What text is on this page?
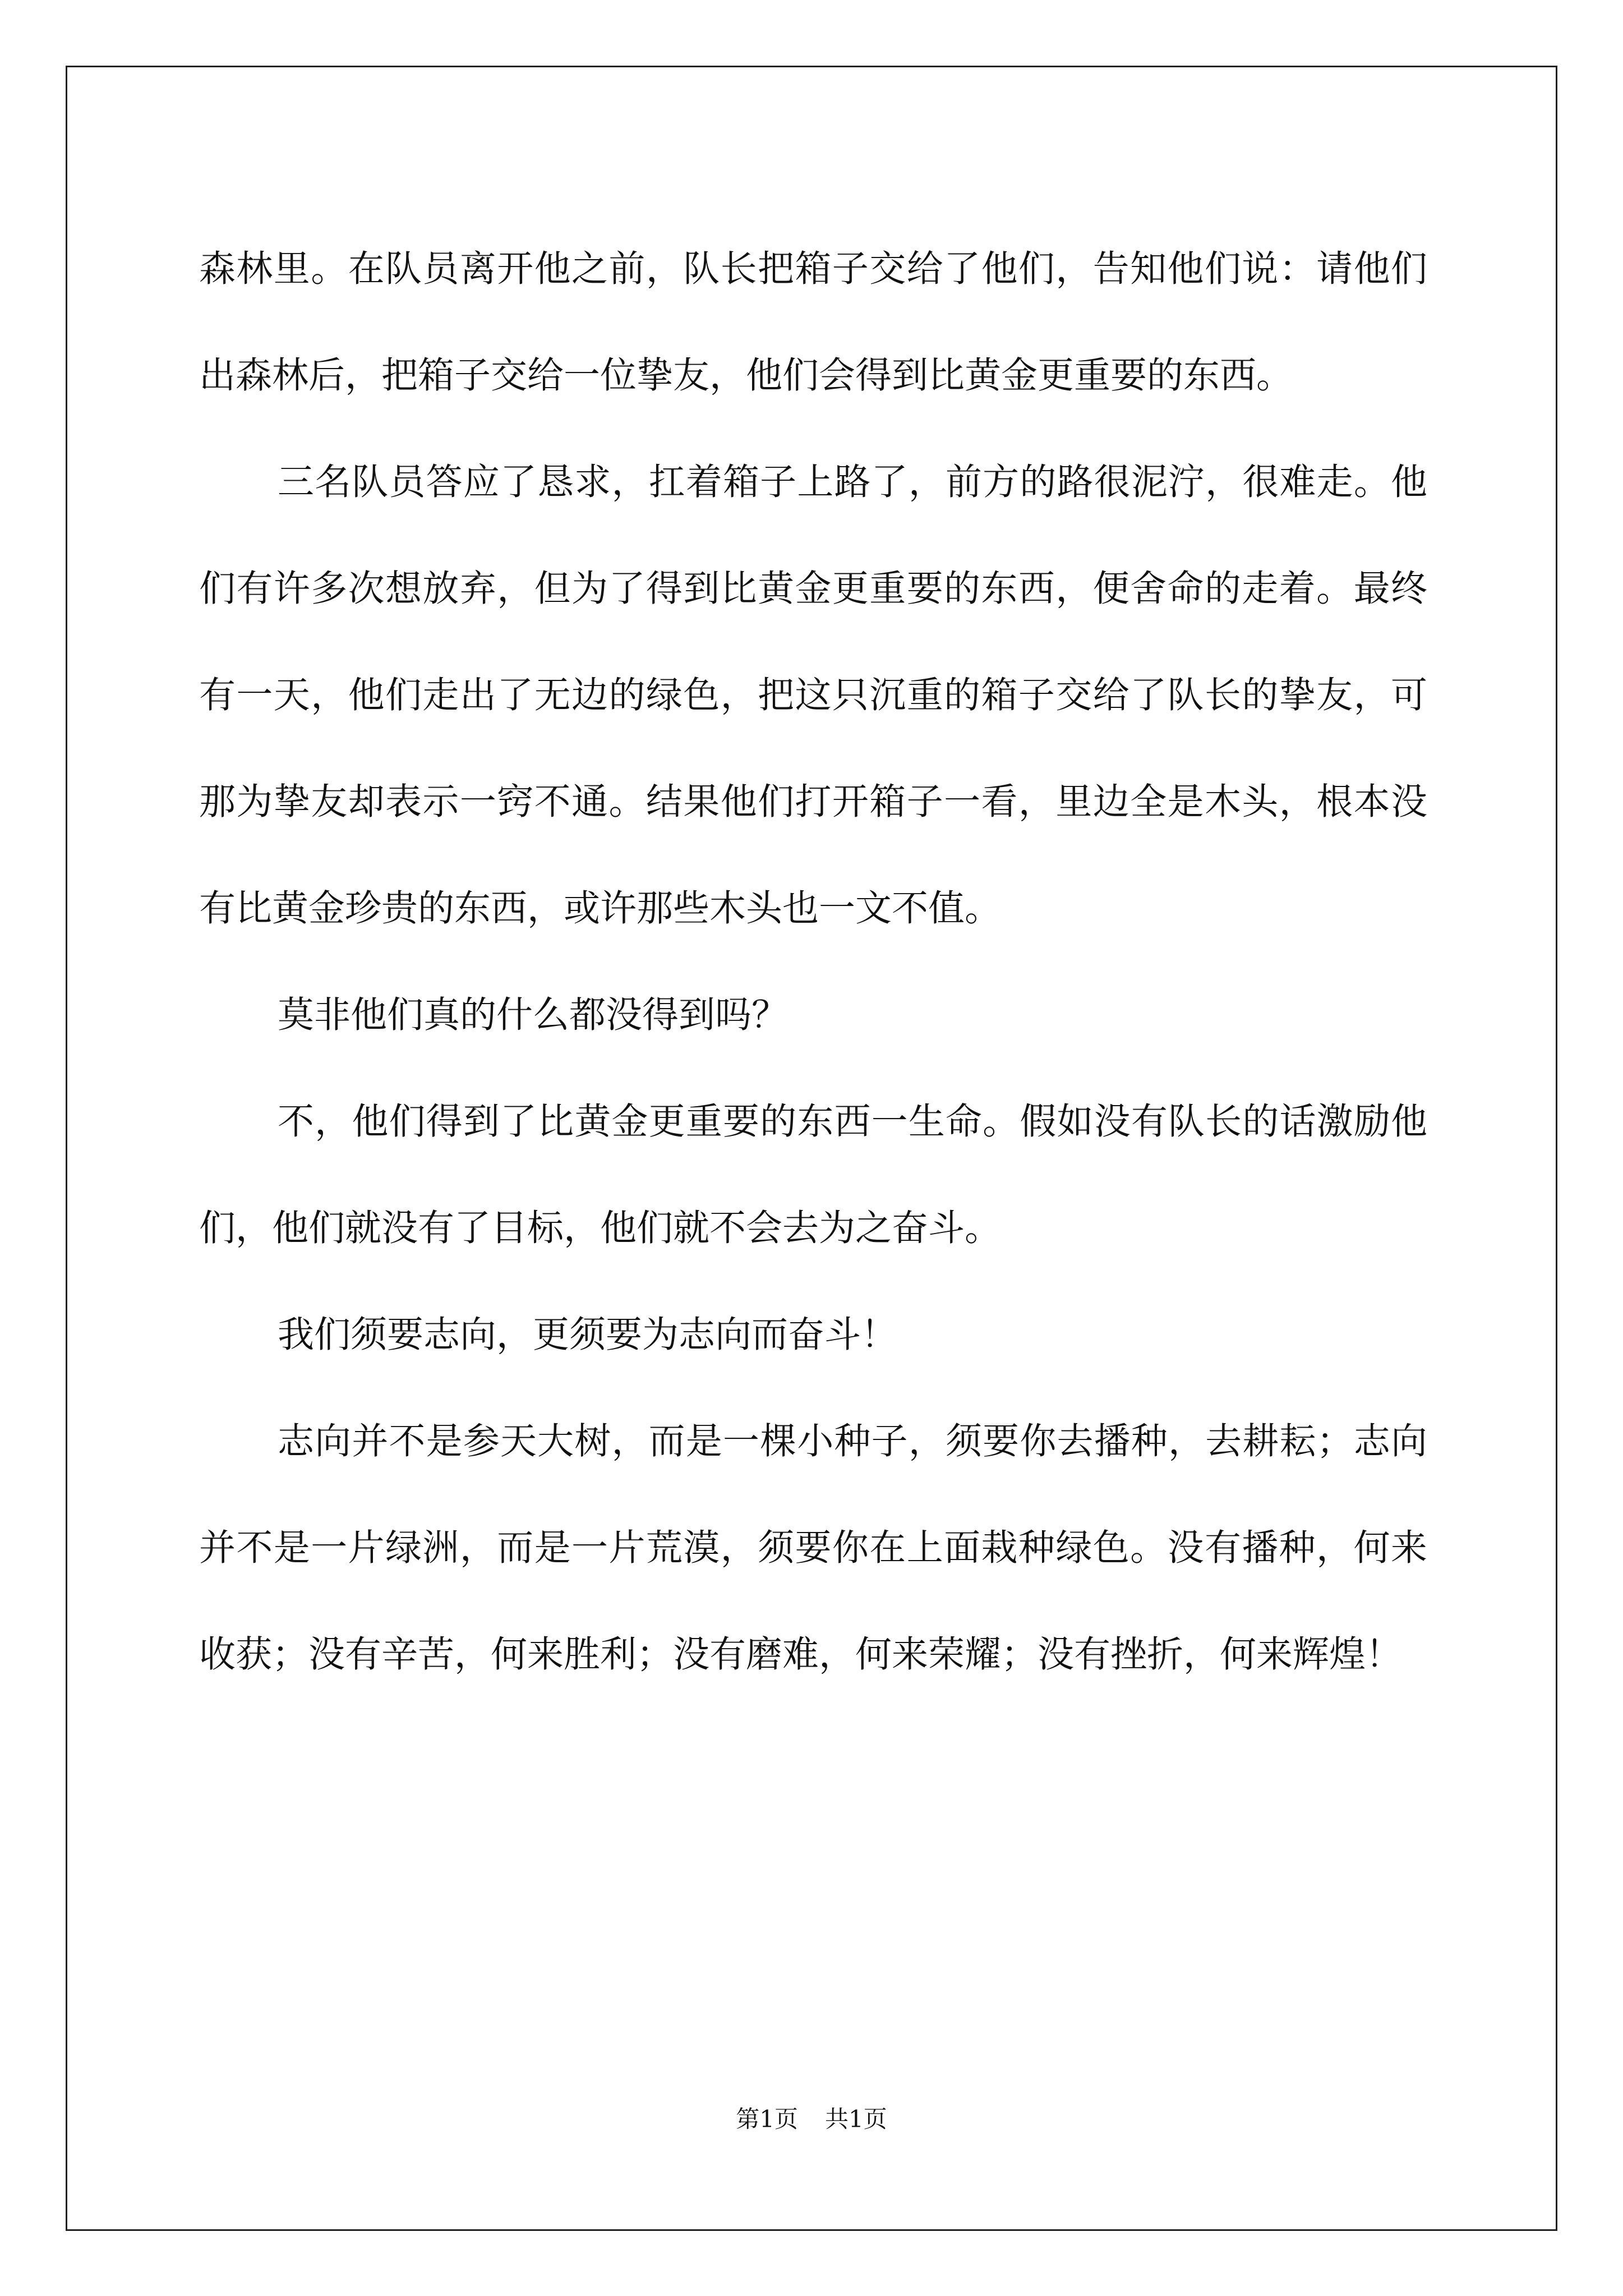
森林里。在队员离开他之前，队长把箱子交给了他们，告知他们说：请他们出森林后，把箱子交给一位挚友，他们会得到比黄金更重要的东西。

三名队员答应了恳求，扛着箱子上路了，前方的路很泥泞，很难走。他们有许多次想放弃，但为了得到比黄金更重要的东西，便舍命的走着。最终有一天，他们走出了无边的绿色，把这只沉重的箱子交给了队长的挚友，可那为挚友却表示一窍不通。结果他们打开箱子一看，里边全是木头，根本没有比黄金珍贵的东西，或许那些木头也一文不值。

莫非他们真的什么都没得到吗？

不，他们得到了比黄金更重要的东西一生命。假如没有队长的话激励他们，他们就没有了目标，他们就不会去为之奋斗。

我们须要志向，更须要为志向而奋斗！

志向并不是参天大树，而是一棵小种子，须要你去播种，去耕耘；志向并不是一片绿洲，而是一片荒漠，须要你在上面栽种绿色。没有播种，何来收获；没有辛苦，何来胜利；没有磨难，何来荣耀；没有挫折，何来辉煌！

第1页 共1页
